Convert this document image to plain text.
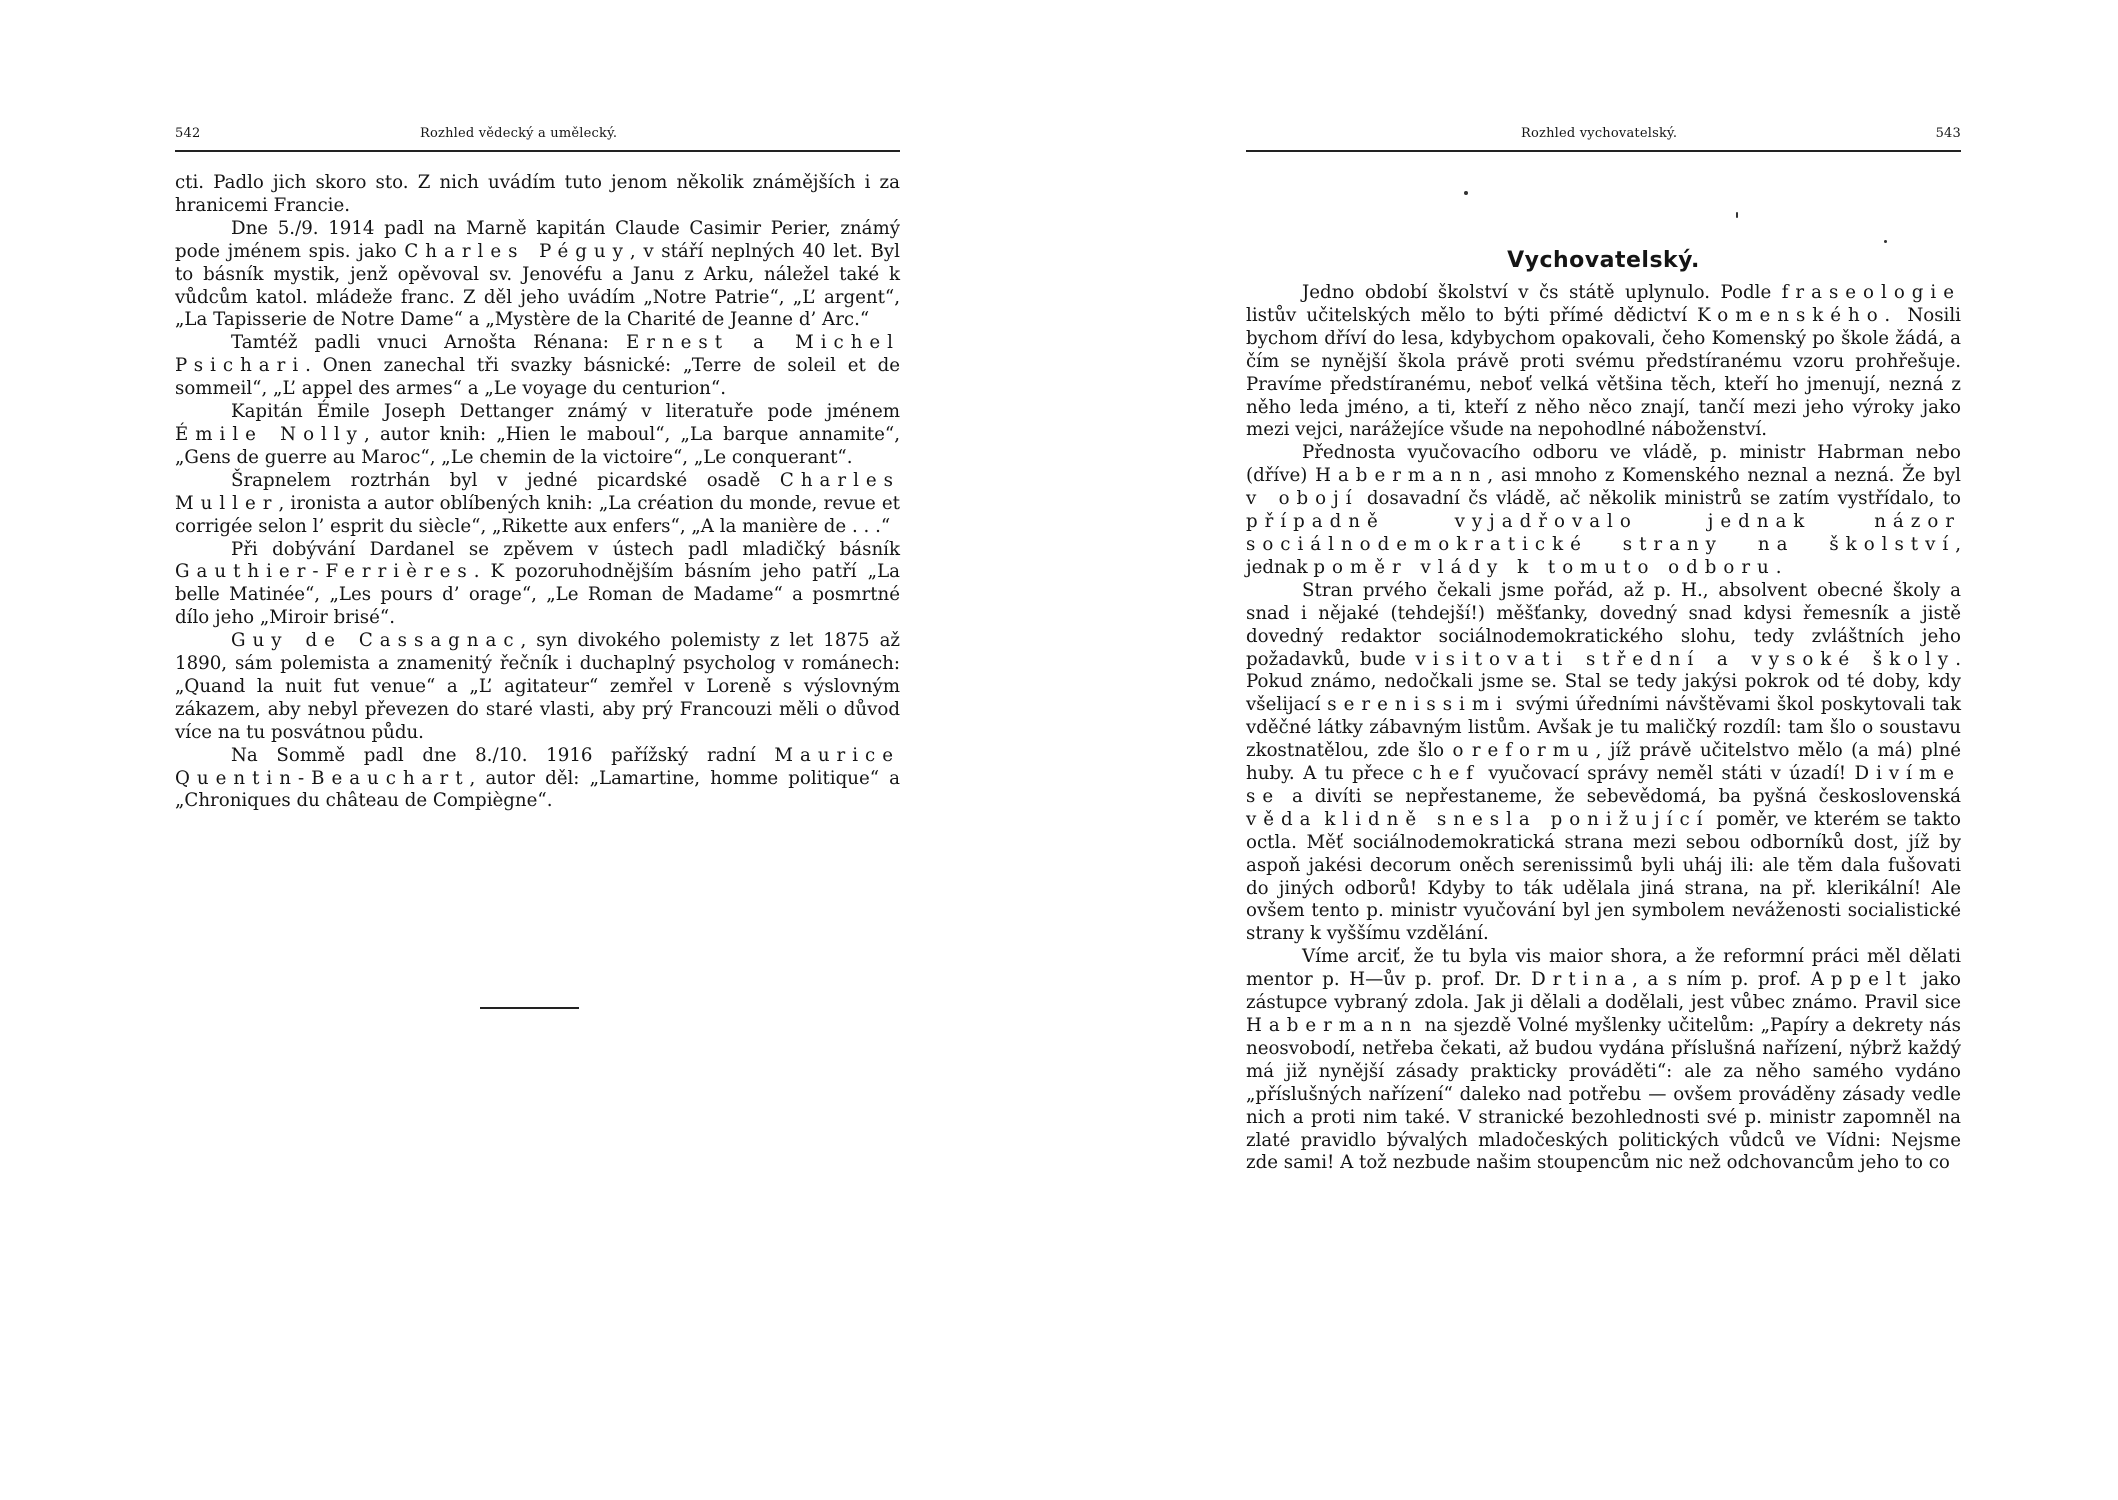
542	Rozhled vědecký a umělecký.

cti. Padlo jich skoro sto. Z nich uvádím tuto jenom několik známějších i za hranicemi Francie.

Dne 5./9. 1914 padl na Marně kapitán Claude Casimir Perier, známý pode jménem spis. jako Charles Péguy, v stáří neplných 40 let. Byl to básník mystik, jenž opěvoval sv. Jenovéfu a Janu z Arku, náležel také k vůdcům katol. mládeže franc. Z děl jeho uvádím „Notre Patrie“, „L’ argent“, „La Tapisserie de Notre Dame“ a „Mystère de la Charité de Jeanne d’ Arc.“

Tamtéž padli vnuci Arnošta Rénana: Ernest a Michel Psichari. Onen zanechal tři svazky básnické: „Terre de soleil et de sommeil“, „L’ appel des armes“ a „Le voyage du centurion“.

Kapitán Émile Joseph Dettanger známý v literatuře pode jménem Émile Nolly, autor knih: „Hien le maboul“, „La barque annamite“, „Gens de guerre au Maroc“, „Le chemin de la victoire“, „Le conquerant“.

Šrapnelem roztrhán byl v jedné picardské osadě Charles Muller, ironista a autor oblíbených knih: „La création du monde, revue et corrigée selon l’ esprit du siècle“, „Rikette aux enfers“, „A la manière de . . .“

Při dobývání Dardanel se zpěvem v ústech padl mladičký básník Gauthier-Ferrières. K pozoruhodnějším básním jeho patří „La belle Matinée“, „Les pours d’ orage“, „Le Roman de Madame“ a posmrtné dílo jeho „Miroir brisé“.

Guy de Cassagnac, syn divokého polemisty z let 1875 až 1890, sám polemista a znamenitý řečník i duchaplný psycholog v románech: „Quand la nuit fut venue“ a „L’ agitateur“ zemřel v Loreně s výslovným zákazem, aby nebyl převezen do staré vlasti, aby prý Francouzi měli o důvod více na tu posvátnou půdu.

Na Sommě padl dne 8./10. 1916 pařížský radní Maurice Quentin-Beauchart, autor děl: „Lamartine, homme politique“ a „Chroniques du château de Compiègne“.

Rozhled vychovatelský.	543
Vychovatelský.

Jedno období školství v čs státě uplynulo. Podle fraseologie listův učitelských mělo to býti přímé dědictví Komenského. Nosili bychom dříví do lesa, kdybychom opakovali, čeho Komenský po škole žádá, a čím se nynější škola právě proti svému předstíranému vzoru prohřešuje. Pravíme předstíranému, neboť velká většina těch, kteří ho jmenují, nezná z něho leda jméno, a ti, kteří z něho něco znají, tančí mezi jeho výroky jako mezi vejci, narážejíce všude na nepohodlné náboženství.

Přednosta vyučovacího odboru ve vládě, p. ministr Habrman nebo (dříve) Habermann, asi mnoho z Komenského neznal a nezná. Že byl v obojí dosavadní čs vládě, ač několik ministrů se zatím vystřídalo, to případně vyjadřovalo jednak	názor sociálnodemokratické strany na školství, jednak poměr vlády k tomuto odboru.

Stran prvého čekali jsme pořád, až p. H., absolvent obecné školy a snad i nějaké (tehdejší!) měšťanky, dovedný snad kdysi řemesník a jistě dovedný redaktor sociálnodemokratického slohu, tedy zvláštních jeho požadavků, bude visitovati střední a vysoké školy. Pokud známo, nedočkali jsme se. Stal se tedy jakýsi pokrok od té doby, kdy všelijací serenissimi svými úředními návštěvami škol poskytovali tak vděčné látky zábavným listům. Avšak je tu maličký rozdíl: tam šlo o soustavu zkostnatělou, zde šlo o reformu, jíž právě učitelstvo mělo (a má) plné huby. A tu přece chef vyučovací správy neměl státi v úzadí! Divíme se a divíti se nepřestaneme, že sebevědomá, ba pyšná československá věda klidně snesla ponižující poměr, ve kterém se takto octla. Měť sociálnodemokratická strana mezi sebou odborníků dost, jíž by aspoň jakési decorum oněch serenissimů byli uháj ili: ale těm dala fušovati do jiných odborů! Kdyby to ták udělala jiná strana, na př. klerikální! Ale ovšem tento p. ministr vyučování byl jen symbolem neváženosti socialistické strany k vyššímu vzdělání.

Víme arciť, že tu byla vis maior shora, a že reformní práci měl dělati mentor p. H—ův p. prof. Dr. Drtina, a s ním p. prof. Appelt jako zástupce vybraný zdola. Jak ji dělali a dodělali, jest vůbec známo. Pravil sice Habermann na sjezdě Volné myšlenky učitelům: „Papíry a dekrety nás neosvobodí, netřeba čekati, až budou vydána příslušná nařízení, nýbrž každý má již nynější zásady prakticky prováděti“: ale za něho samého vydáno „příslušných nařízení“ daleko nad potřebu — ovšem prováděny zásady vedle nich a proti nim také. V stranické bezohlednosti své p. ministr zapomněl na zlaté pravidlo bývalých mladočeských politických vůdců ve Vídni: Nejsme zde sami! A tož nezbude našim stoupencům nic než odchovancům jeho to co
